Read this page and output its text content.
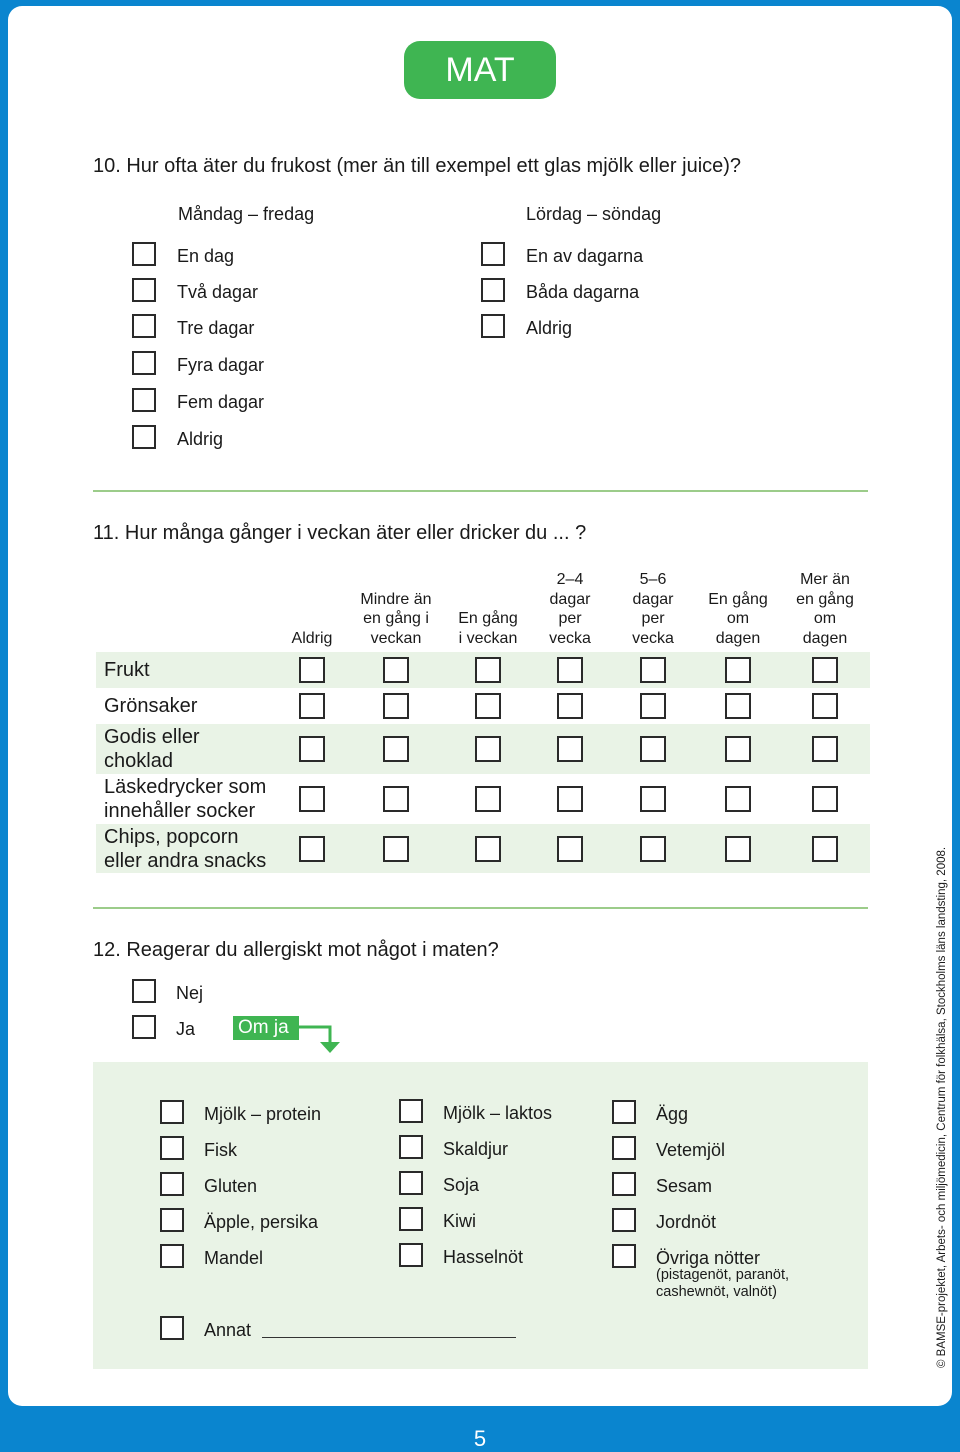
MAT
10. Hur ofta äter du frukost (mer än till exempel ett glas mjölk eller juice)?
Måndag – fredag	Lördag – söndag
En dag
Två dagar
Tre dagar
Fyra dagar
Fem dagar
Aldrig
En av dagarna
Båda dagarna
Aldrig
11. Hur många gånger i veckan äter eller dricker du ... ?
Aldrig
Mindre än
en gång i
veckan
En gång
i veckan
2–4
dagar
per
vecka
5–6
dagar
per
vecka
En gång
om
dagen
Mer än
en gång
om
dagen
Frukt
Grönsaker
Godis eller
choklad
Läskedrycker som
innehåller socker
Chips, popcorn
eller andra snacks
12. Reagerar du allergiskt mot något i maten?
Nej
Ja Om ja
Mjölk – protein
Fisk
Gluten
Äpple, persika
Mandel
Mjölk – laktos
Skaldjur
Soja
Kiwi
Hasselnöt
Ägg
Vetemjöl
Sesam
Jordnöt
Övriga nötter
(pistagenöt, paranöt,
cashewnöt, valnöt)
Annat	© BAMSE-projektet, Arbets- och miljömedicin, Centrum för folkhälsa, Stockholms läns landsting, 2008.
5
